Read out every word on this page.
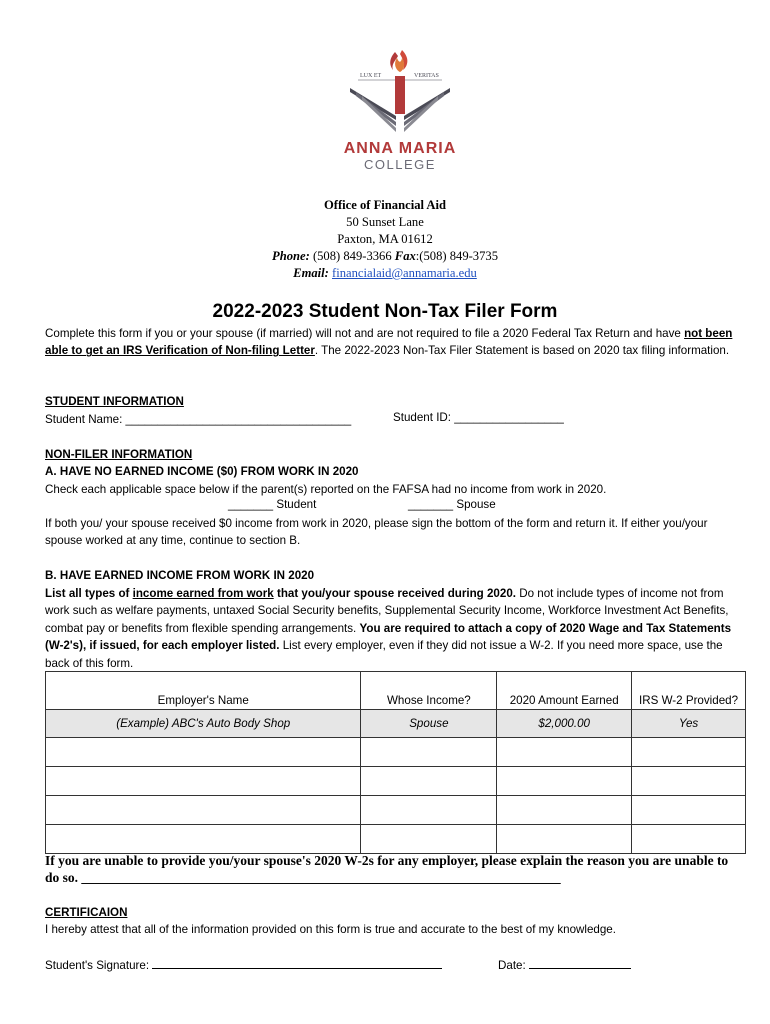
LUX ET	VERITAS
ANNA MARIA
COLLEGE
Office of Financial Aid
50 Sunset Lane
Paxton, MA 01612
Phone: (508) 849-3366 Fax:(508) 849-3735
Email: financialaid@annamaria.edu
2022-2023 Student Non-Tax Filer Form
Complete this form if you or your spouse (if married) will not and are not required to file a 2020 Federal Tax Return and have not been able to get an IRS Verification of Non-filing Letter. The 2022-2023 Non-Tax Filer Statement is based on 2020 tax filing information.
STUDENT INFORMATION
Student Name: ___________________________________	Student ID: _________________
NON-FILER INFORMATION
A. HAVE NO EARNED INCOME ($0) FROM WORK IN 2020
Check each applicable space below if the parent(s) reported on the FAFSA had no income from work in 2020.
_______ Student	_______ Spouse
If both you/ your spouse received $0 income from work in 2020, please sign the bottom of the form and return it. If either you/your spouse worked at any time, continue to section B.
B. HAVE EARNED INCOME FROM WORK IN 2020
List all types of income earned from work that you/your spouse received during 2020. Do not include types of income not from work such as welfare payments, untaxed Social Security benefits, Supplemental Security Income, Workforce Investment Act Benefits, combat pay or benefits from flexible spending arrangements. You are required to attach a copy of 2020 Wage and Tax Statements (W-2's), if issued, for each employer listed. List every employer, even if they did not issue a W-2. If you need more space, use the back of this form.
Employer's Name	Whose Income?	2020 Amount Earned	IRS W-2 Provided?
(Example) ABC's Auto Body Shop	Spouse	$2,000.00	Yes

If you are unable to provide you/your spouse's 2020 W-2s for any employer, please explain the reason you are unable to do so. _______________________________________________________________________
CERTIFICAION
I hereby attest that all of the information provided on this form is true and accurate to the best of my knowledge.
Student's Signature:	Date:
